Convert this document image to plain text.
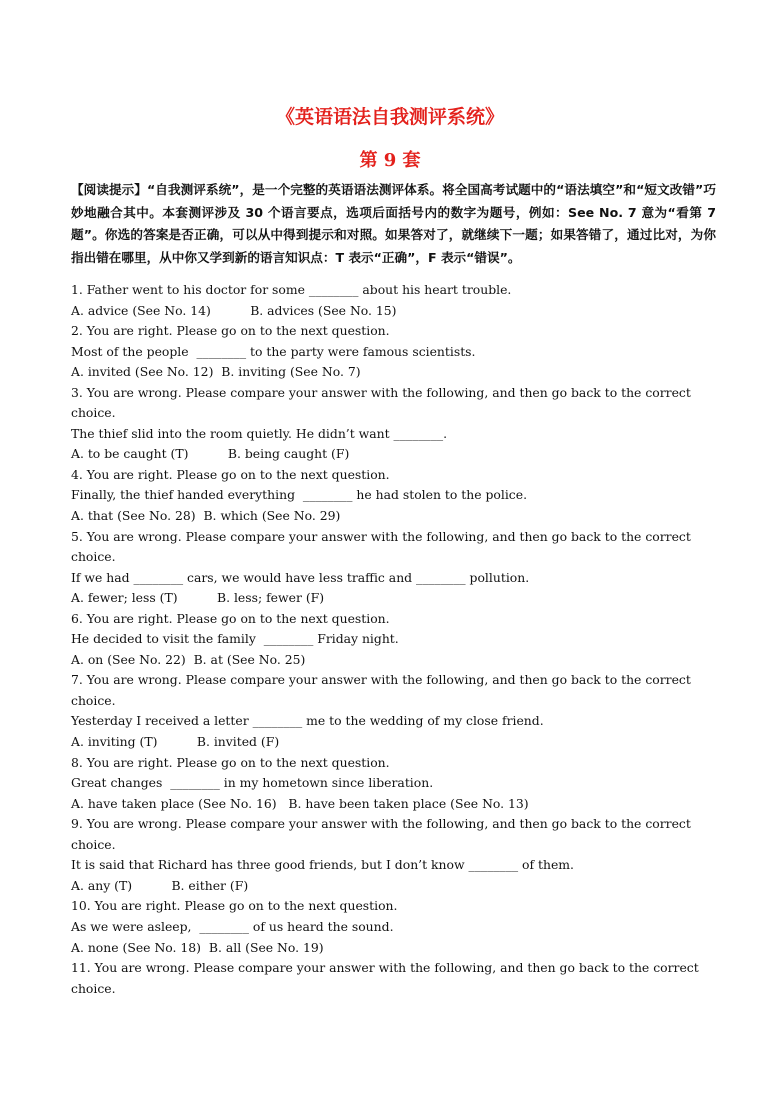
《英语语法自我测评系统》
第 9 套
【阅读提示】“自我测评系统”，是一个完整的英语语法测评体系。将全国高考试题中的“语法填空”和“短文改错”巧妙地融合其中。本套测评涉及 30 个语言要点，选项后面括号内的数字为题号，例如：See No. 7 意为“看第 7 题”。你选的答案是否正确，可以从中得到提示和对照。如果答对了，就继续下一题；如果答错了，通过比对，为你指出错在哪里，从中你又学到新的语言知识点：T 表示“正确”，F 表示“错误”。
1. Father went to his doctor for some ________ about his heart trouble.
A. advice (See No. 14)          B. advices (See No. 15)
2. You are right. Please go on to the next question.
Most of the people  ________ to the party were famous scientists.
A. invited (See No. 12)  B. inviting (See No. 7)
3. You are wrong. Please compare your answer with the following, and then go back to the correct
choice.
The thief slid into the room quietly. He didn’t want ________.
A. to be caught (T)          B. being caught (F)
4. You are right. Please go on to the next question.
Finally, the thief handed everything  ________ he had stolen to the police.
A. that (See No. 28)  B. which (See No. 29)
5. You are wrong. Please compare your answer with the following, and then go back to the correct
choice.
If we had ________ cars, we would have less traffic and ________ pollution.
A. fewer; less (T)          B. less; fewer (F)
6. You are right. Please go on to the next question.
He decided to visit the family  ________ Friday night.
A. on (See No. 22)  B. at (See No. 25)
7. You are wrong. Please compare your answer with the following, and then go back to the correct
choice.
Yesterday I received a letter ________ me to the wedding of my close friend.
A. inviting (T)          B. invited (F)
8. You are right. Please go on to the next question.
Great changes  ________ in my hometown since liberation.
A. have taken place (See No. 16)   B. have been taken place (See No. 13)
9. You are wrong. Please compare your answer with the following, and then go back to the correct
choice.
It is said that Richard has three good friends, but I don’t know ________ of them.
A. any (T)          B. either (F)
10. You are right. Please go on to the next question.
As we were asleep,  ________ of us heard the sound.
A. none (See No. 18)  B. all (See No. 19)
11. You are wrong. Please compare your answer with the following, and then go back to the correct
choice.
